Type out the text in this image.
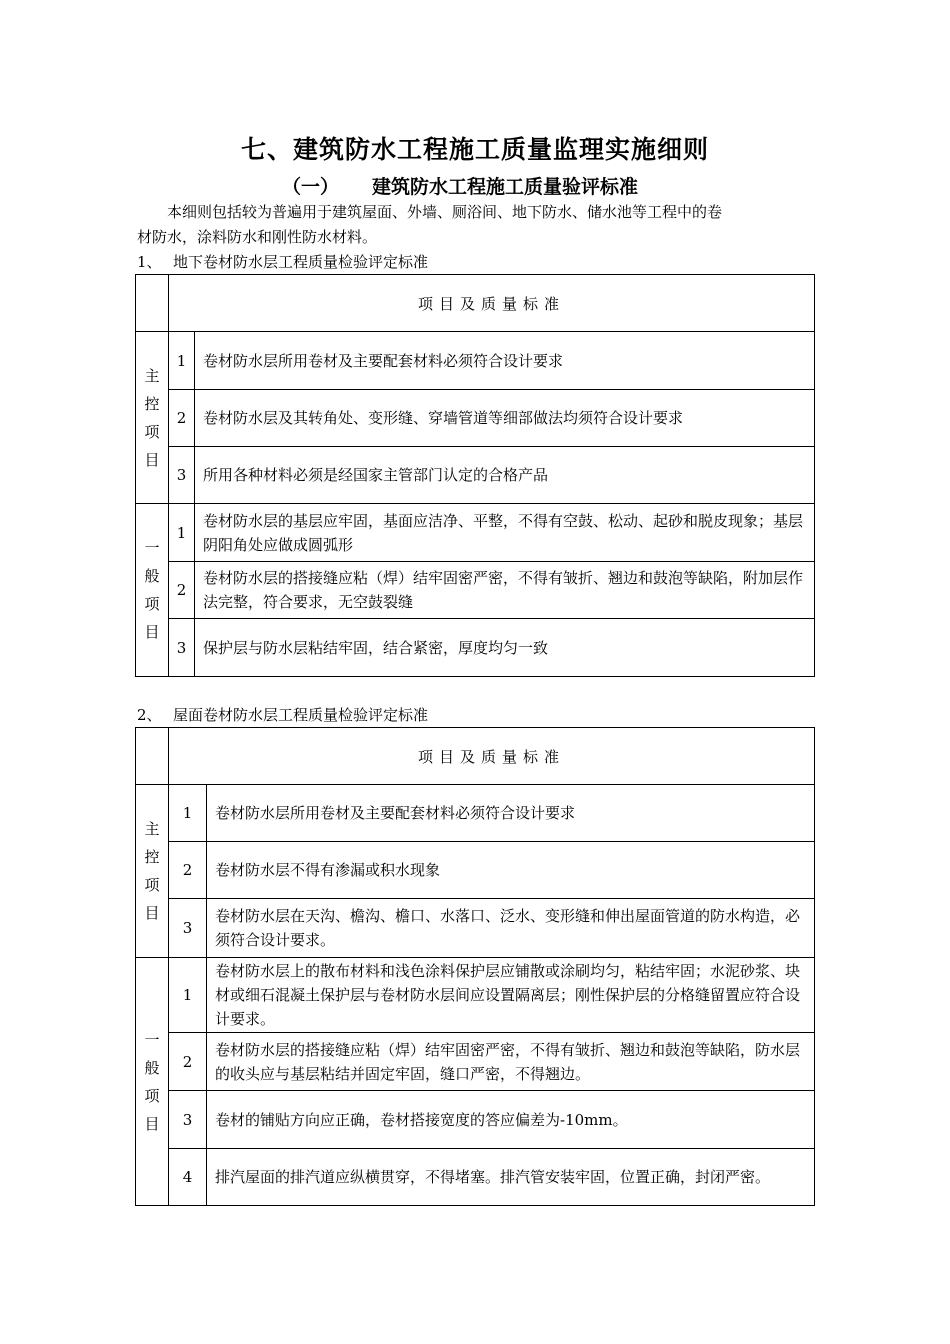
七、建筑防水工程施工质量监理实施细则
（一） 建筑防水工程施工质量验评标准
本细则包括较为普遍用于建筑屋面、外墙、厕浴间、地下防水、储水池等工程中的卷
材防水，涂料防水和刚性防水材料。
1、 地下卷材防水层工程质量检验评定标准
	项目及质量标准	

主
控
项
目	1	卷材防水层所用卷材及主要配套材料必须符合设计要求
	2	卷材防水层及其转角处、变形缝、穿墙管道等细部做法均须符合设计要求
	3	所用各种材料必须是经国家主管部门认定的合格产品

一
般
项
目	1	卷材防水层的基层应牢固，基面应洁净、平整，不得有空鼓、松动、起砂和脱皮现象；基层阴阳角处应做成圆弧形
	2	卷材防水层的搭接缝应粘（焊）结牢固密严密，不得有皱折、翘边和鼓泡等缺陷，附加层作法完整，符合要求，无空鼓裂缝
	3	保护层与防水层粘结牢固，结合紧密，厚度均匀一致
2、 屋面卷材防水层工程质量检验评定标准
	项目及质量标准	

主
控
项
目	1	卷材防水层所用卷材及主要配套材料必须符合设计要求
	2	卷材防水层不得有渗漏或积水现象
	3	卷材防水层在天沟、檐沟、檐口、水落口、泛水、变形缝和伸出屋面管道的防水构造，必须符合设计要求。

一
般
项
目	1	卷材防水层上的散布材料和浅色涂料保护层应铺散或涂刷均匀，粘结牢固；水泥砂浆、块材或细石混凝土保护层与卷材防水层间应设置隔离层；刚性保护层的分格缝留置应符合设计要求。
	2	卷材防水层的搭接缝应粘（焊）结牢固密严密，不得有皱折、翘边和鼓泡等缺陷，防水层的收头应与基层粘结并固定牢固，缝口严密，不得翘边。
	3	卷材的铺贴方向应正确，卷材搭接宽度的答应偏差为-10mm。
	4	排汽屋面的排汽道应纵横贯穿，不得堵塞。排汽管安装牢固，位置正确，封闭严密。
